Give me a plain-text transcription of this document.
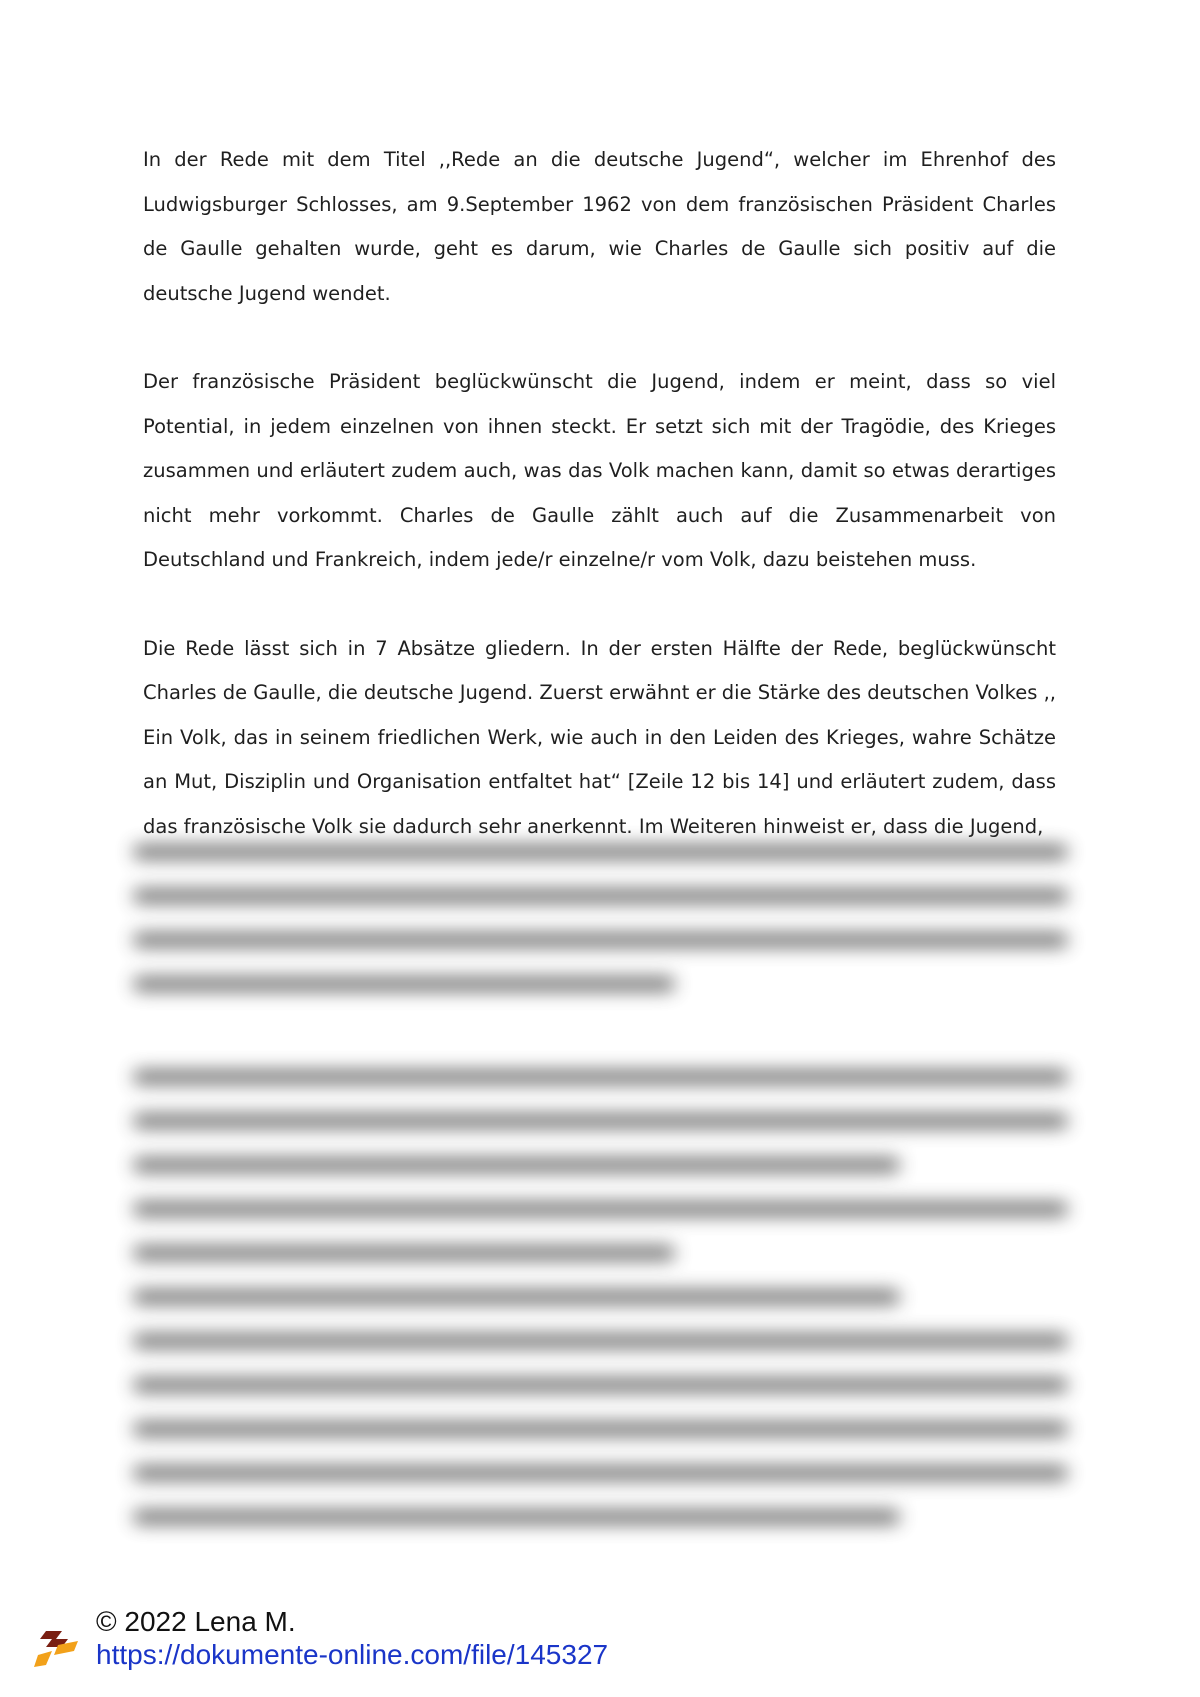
In der Rede mit dem Titel ,,Rede an die deutsche Jugend“, welcher im Ehrenhof des Ludwigsburger Schlosses, am 9.September 1962 von dem französischen Präsident Charles de Gaulle gehalten wurde, geht es darum, wie Charles de Gaulle sich positiv auf die deutsche Jugend wendet.

Der französische Präsident beglückwünscht die Jugend, indem er meint, dass so viel Potential, in jedem einzelnen von ihnen steckt. Er setzt sich mit der Tragödie, des Krieges zusammen und erläutert zudem auch, was das Volk machen kann, damit so etwas derartiges nicht mehr vorkommt. Charles de Gaulle zählt auch auf die Zusammenarbeit von Deutschland und Frankreich, indem jede/r einzelne/r vom Volk, dazu beistehen muss.

Die Rede lässt sich in 7 Absätze gliedern. In der ersten Hälfte der Rede, beglückwünscht Charles de Gaulle, die deutsche Jugend. Zuerst erwähnt er die Stärke des deutschen Volkes ,, Ein Volk, das in seinem friedlichen Werk, wie auch in den Leiden des Krieges, wahre Schätze an Mut, Disziplin und Organisation entfaltet hat“ [Zeile 12 bis 14] und erläutert zudem, dass das französische Volk sie dadurch sehr anerkennt. Im Weiteren hinweist er, dass die Jugend,

© 2022 Lena M.
https://dokumente-online.com/file/145327
